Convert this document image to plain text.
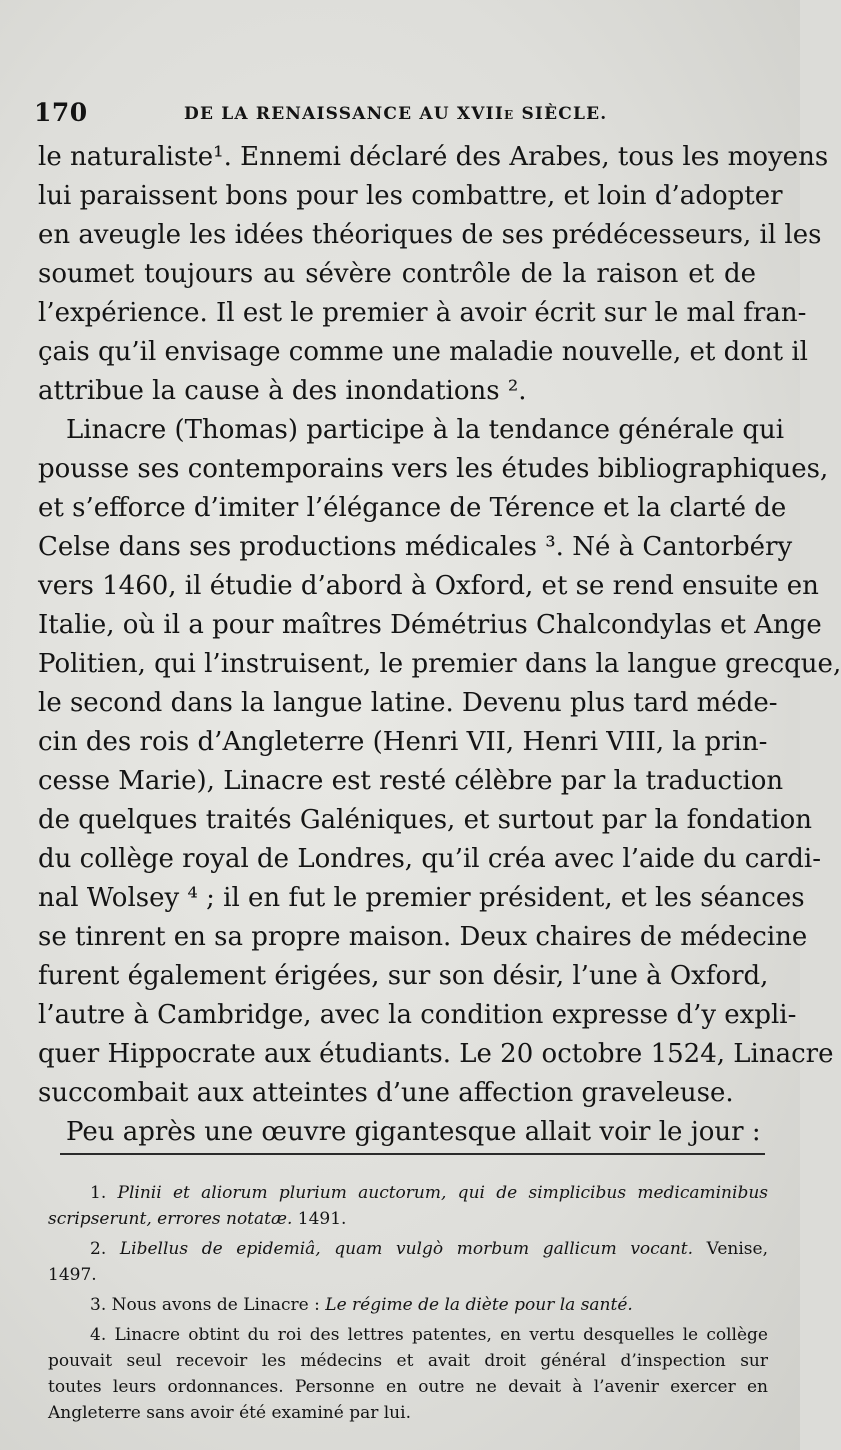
170	DE LA RENAISSANCE AU XVIIe SIÈCLE.
le naturaliste¹. Ennemi déclaré des Arabes, tous les moyens
lui paraissent bons pour les combattre, et loin d’adopter
en aveugle les idées théoriques de ses prédécesseurs, il les
soumet toujours au sévère contrôle de la raison et de
l’expérience. Il est le premier à avoir écrit sur le mal fran-
çais qu’il envisage comme une maladie nouvelle, et dont il
attribue la cause à des inondations ².
Linacre (Thomas) participe à la tendance générale qui
pousse ses contemporains vers les études bibliographiques,
et s’efforce d’imiter l’élégance de Térence et la clarté de
Celse dans ses productions médicales ³. Né à Cantorbéry
vers 1460, il étudie d’abord à Oxford, et se rend ensuite en
Italie, où il a pour maîtres Démétrius Chalcondylas et Ange
Politien, qui l’instruisent, le premier dans la langue grecque,
le second dans la langue latine. Devenu plus tard méde-
cin des rois d’Angleterre (Henri VII, Henri VIII, la prin-
cesse Marie), Linacre est resté célèbre par la traduction
de quelques traités Galéniques, et surtout par la fondation
du collège royal de Londres, qu’il créa avec l’aide du cardi-
nal Wolsey ⁴ ; il en fut le premier président, et les séances
se tinrent en sa propre maison. Deux chaires de médecine
furent également érigées, sur son désir, l’une à Oxford,
l’autre à Cambridge, avec la condition expresse d’y expli-
quer Hippocrate aux étudiants. Le 20 octobre 1524, Linacre
succombait aux atteintes d’une affection graveleuse.
Peu après une œuvre gigantesque allait voir le jour :
1. Plinii et aliorum plurium auctorum, qui de simplicibus medicaminibus
scripserunt, errores notatæ. 1491.
2. Libellus de epidemiâ, quam vulgò morbum gallicum vocant. Venise,
1497.
3. Nous avons de Linacre : Le régime de la diète pour la santé.
4. Linacre obtint du roi des lettres patentes, en vertu desquelles le collège
pouvait seul recevoir les médecins et avait droit général d’inspection sur
toutes leurs ordonnances. Personne en outre ne devait à l’avenir exercer en
Angleterre sans avoir été examiné par lui.
